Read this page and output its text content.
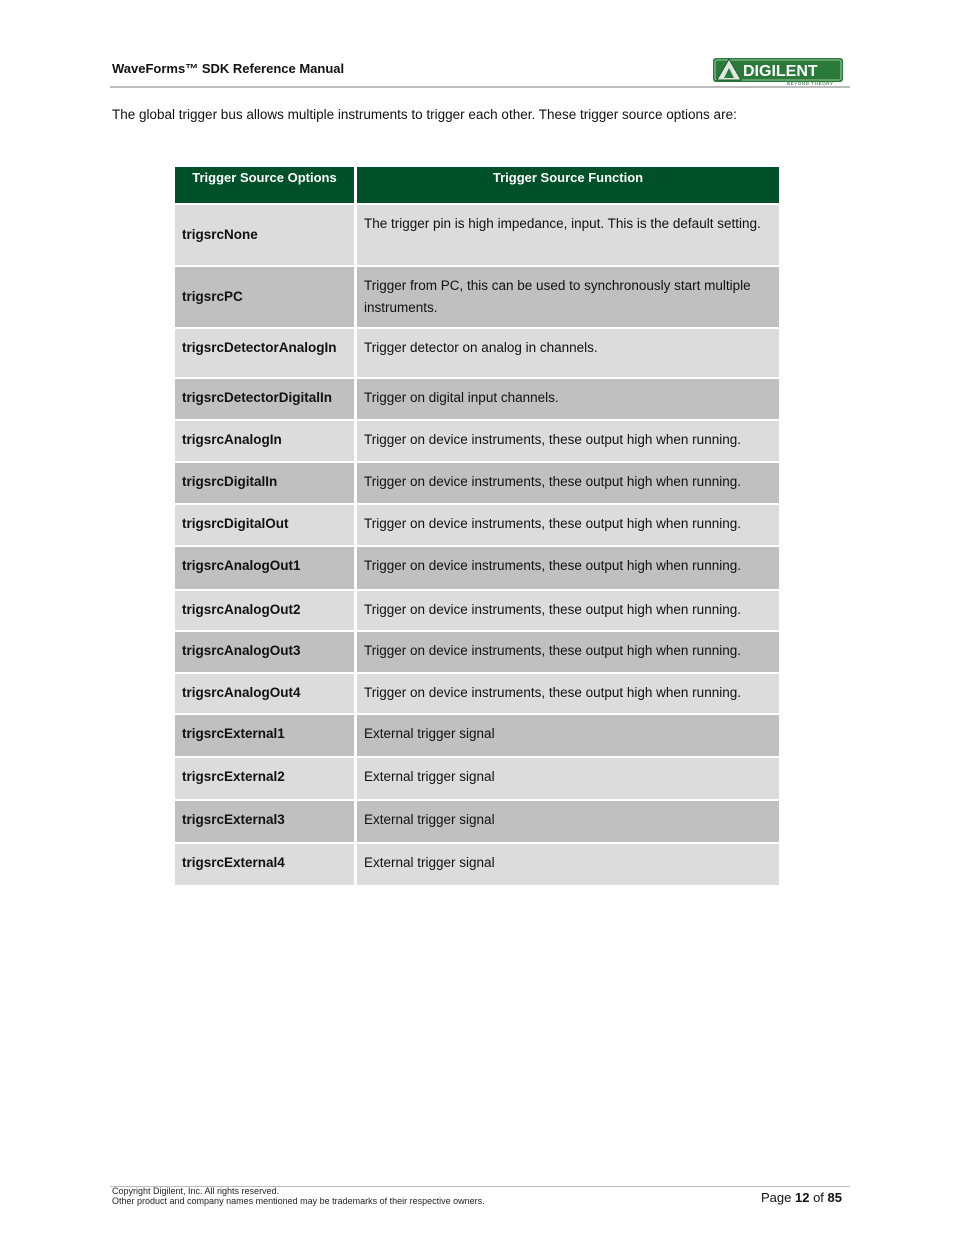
WaveForms™ SDK Reference Manual	DIGILENT
BEYOND THEORY
The global trigger bus allows multiple instruments to trigger each other. These trigger source options are:
Trigger Source Options	Trigger Source Function
trigsrcNone	The trigger pin is high impedance, input. This is the default setting.
trigsrcPC	Trigger from PC, this can be used to synchronously start multiple instruments.
trigsrcDetectorAnalogIn	Trigger detector on analog in channels.
trigsrcDetectorDigitalIn	Trigger on digital input channels.
trigsrcAnalogIn	Trigger on device instruments, these output high when running.
trigsrcDigitalIn	Trigger on device instruments, these output high when running.
trigsrcDigitalOut	Trigger on device instruments, these output high when running.
trigsrcAnalogOut1	Trigger on device instruments, these output high when running.
trigsrcAnalogOut2	Trigger on device instruments, these output high when running.
trigsrcAnalogOut3	Trigger on device instruments, these output high when running.
trigsrcAnalogOut4	Trigger on device instruments, these output high when running.
trigsrcExternal1	External trigger signal
trigsrcExternal2	External trigger signal
trigsrcExternal3	External trigger signal
trigsrcExternal4	External trigger signal
Copyright Digilent, Inc. All rights reserved.
Other product and company names mentioned may be trademarks of their respective owners.	Page 12 of 85
